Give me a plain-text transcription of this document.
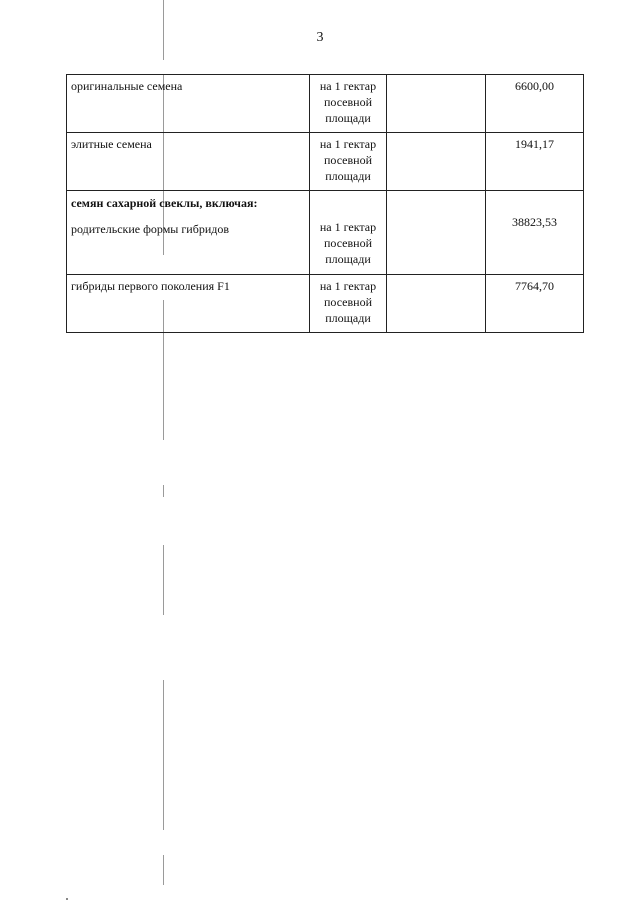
3
оригинальные семена	на 1 гектар
посевной
площади		6600,00
элитные семена	на 1 гектар
посевной
площади		1941,17

семян сахарной свеклы, включая:
родительские формы гибридов	на 1 гектар
посевной
площади		38823,53

гибриды первого поколения F1	на 1 гектар
посевной
площади		7764,70
